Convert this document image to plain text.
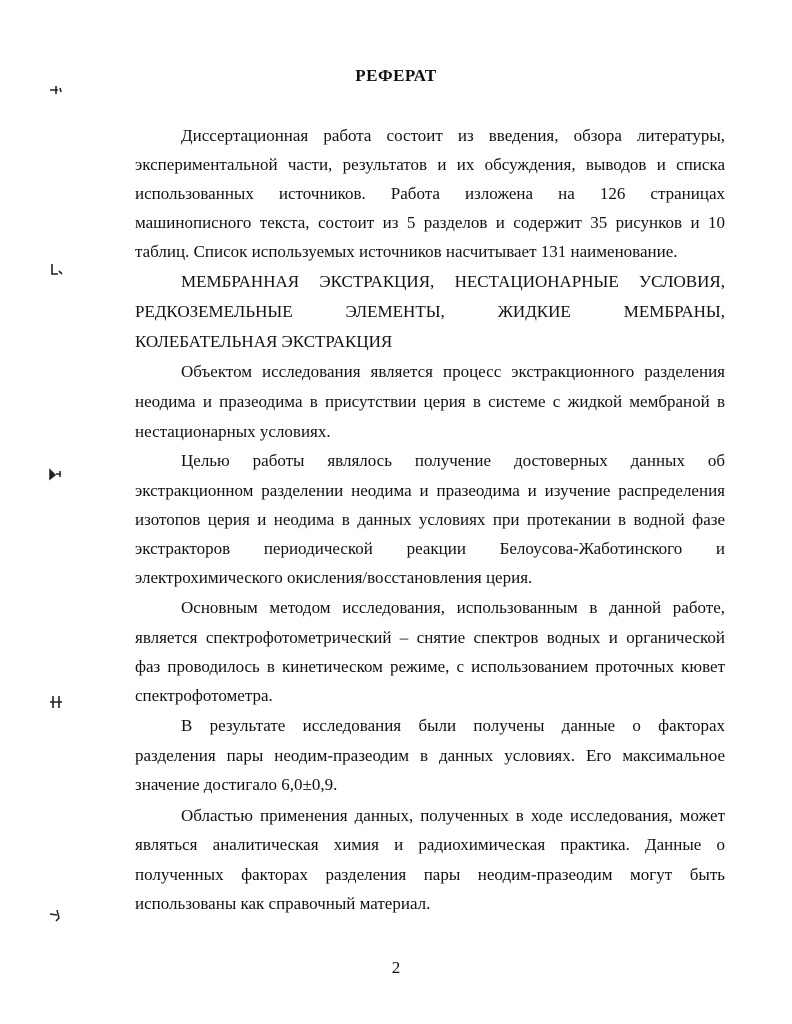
РЕФЕРАТ
Диссертационная работа состоит из введения, обзора литературы,
экспериментальной части, результатов и их обсуждения, выводов и списка
использованных источников. Работа изложена на 126 страницах
машинописного текста, состоит из 5 разделов и содержит 35 рисунков и 10
таблиц. Список используемых источников насчитывает 131 наименование.
МЕМБРАННАЯ ЭКСТРАКЦИЯ, НЕСТАЦИОНАРНЫЕ УСЛОВИЯ,
РЕДКОЗЕМЕЛЬНЫЕ ЭЛЕМЕНТЫ, ЖИДКИЕ МЕМБРАНЫ,
КОЛЕБАТЕЛЬНАЯ ЭКСТРАКЦИЯ
Объектом исследования является процесс экстракционного разделения
неодима и празеодима в присутствии церия в системе с жидкой мембраной в
нестационарных условиях.
Целью работы являлось получение достоверных данных об
экстракционном разделении неодима и празеодима и изучение распределения
изотопов церия и неодима в данных условиях при протекании в водной фазе
экстракторов периодической реакции Белоусова-Жаботинского и
электрохимического окисления/восстановления церия.
Основным методом исследования, использованным в данной работе,
является спектрофотометрический – снятие спектров водных и органической
фаз проводилось в кинетическом режиме, с использованием проточных кювет
спектрофотометра.
В результате исследования были получены данные о факторах
разделения пары неодим-празеодим в данных условиях. Его максимальное
значение достигало 6,0±0,9.
Областью применения данных, полученных в ходе исследования, может
являться аналитическая химия и радиохимическая практика. Данные о
полученных факторах разделения пары неодим-празеодим могут быть
использованы как справочный материал.
2
